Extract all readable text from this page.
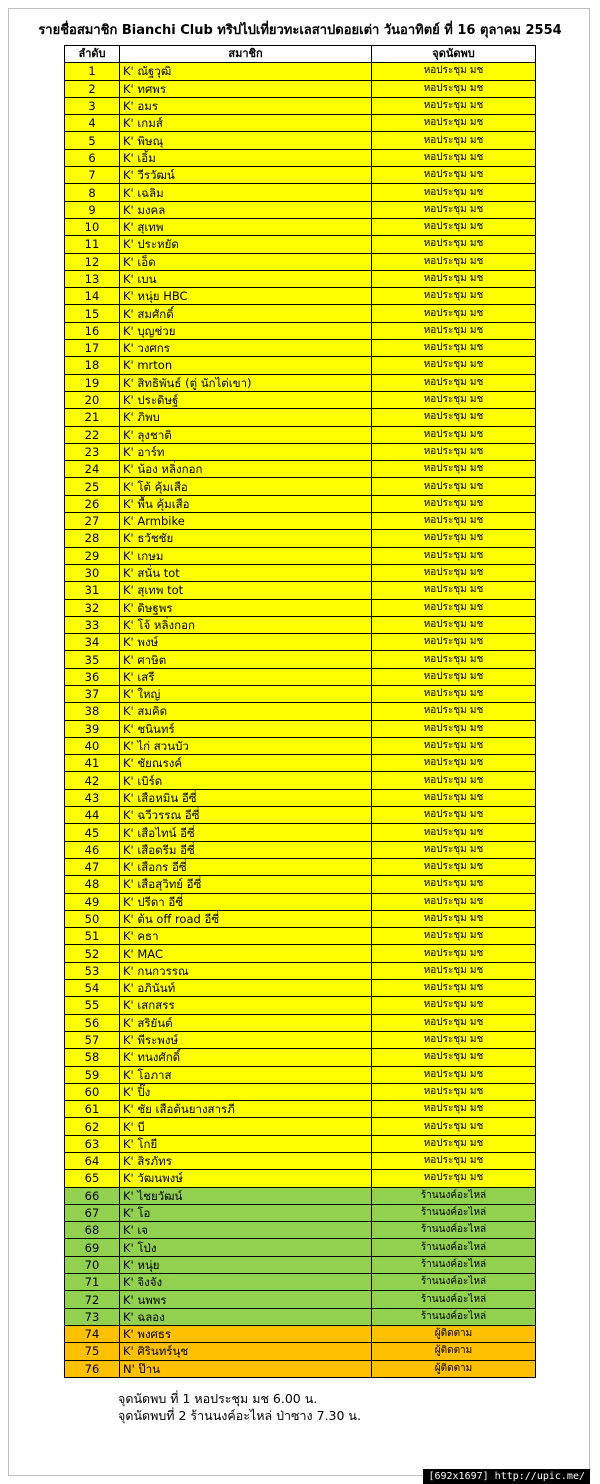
รายชื่อสมาชิก Bianchi Club ทริปไปเที่ยวทะเลสาปดอยเต่า วันอาทิตย์ ที่ 16 ตุลาคม 2554
ลำดับ	สมาชิก	จุดนัดพบ
1	K' ณัฐวุฒิ	หอประชุม มช
2	K' ทศพร	หอประชุม มช
3	K' อมร	หอประชุม มช
4	K' เกมส์	หอประชุม มช
5	K' พิษณุ	หอประชุม มช
6	K' เอิ้ม	หอประชุม มช
7	K' วีรวัฒน์	หอประชุม มช
8	K' เฉลิม	หอประชุม มช
9	K' มงคล	หอประชุม มช
10	K' สุเทพ	หอประชุม มช
11	K' ประหยัด	หอประชุม มช
12	K' เอ็ด	หอประชุม มช
13	K' เบน	หอประชุม มช
14	K' หนุ่ย HBC	หอประชุม มช
15	K' สมศักดิ์	หอประชุม มช
16	K' บุญช่วย	หอประชุม มช
17	K' วงศกร	หอประชุม มช
18	K' mrton	หอประชุม มช
19	K' สิทธิพันธ์ (ตู่ นักไต่เขา)	หอประชุม มช
20	K' ประดิษฐ์	หอประชุม มช
21	K' ภิพบ	หอประชุม มช
22	K' ลุงชาติ	หอประชุม มช
23	K' อาร์ท	หอประชุม มช
24	K' น้อง หลิ่งกอก	หอประชุม มช
25	K' โต้ คุ้มเสือ	หอประชุม มช
26	K' พื้น คุ้มเสือ	หอประชุม มช
27	K' Armbike	หอประชุม มช
28	K' ธวัชชัย	หอประชุม มช
29	K' เกษม	หอประชุม มช
30	K' สนั่น tot	หอประชุม มช
31	K' สุเทพ tot	หอประชุม มช
32	K' ดิษฐพร	หอประชุม มช
33	K' โจ้ หลิ่งกอก	หอประชุม มช
34	K' พงษ์	หอประชุม มช
35	K' ศาษิต	หอประชุม มช
36	K' เสรี	หอประชุม มช
37	K' ใหญ่	หอประชุม มช
38	K' สมคิด	หอประชุม มช
39	K' ชนินทร์	หอประชุม มช
40	K' ไก่ สวนบัว	หอประชุม มช
41	K' ชัยณรงค์	หอประชุม มช
42	K' เบิร์ด	หอประชุม มช
43	K' เสือหมิน อีซี่	หอประชุม มช
44	K' ฉวีวรรณ อีซี่	หอประชุม มช
45	K' เสือไทน์ อีซี่	หอประชุม มช
46	K' เสือดรีม อีซี่	หอประชุม มช
47	K' เสือกร อีซี่	หอประชุม มช
48	K' เสือสุวิทย์ อีซี่	หอประชุม มช
49	K' ปรีดา อีซี่	หอประชุม มช
50	K' ต้น off road อีซี่	หอประชุม มช
51	K' คธา	หอประชุม มช
52	K' MAC	หอประชุม มช
53	K' กนกวรรณ	หอประชุม มช
54	K' อภินันท์	หอประชุม มช
55	K' เสกสรร	หอประชุม มช
56	K' สริยันต์	หอประชุม มช
57	K' พีระพงษ์	หอประชุม มช
58	K' ทนงศักดิ์	หอประชุม มช
59	K' โอภาส	หอประชุม มช
60	K' ปิ๊ง	หอประชุม มช
61	K' ชัย เสือต้นยางสารภี	หอประชุม มช
62	K' บี	หอประชุม มช
63	K' โกยี	หอประชุม มช
64	K' สิรภัทร	หอประชุม มช
65	K' วัฒนพงษ์	หอประชุม มช
66	K' ไชยวัฒน์	ร้านนงค์อะไหล่
67	K' โอ	ร้านนงค์อะไหล่
68	K' เจ	ร้านนงค์อะไหล่
69	K' โป่ง	ร้านนงค์อะไหล่
70	K' หนุ่ย	ร้านนงค์อะไหล่
71	K' จิงจัง	ร้านนงค์อะไหล่
72	K' นพพร	ร้านนงค์อะไหล่
73	K' ฉลอง	ร้านนงค์อะไหล่
74	K' พงศธร	ผู้ติดตาม
75	K' ศิรินทร์นุช	ผู้ติดตาม
76	N' ป๊าน	ผู้ติดตาม
จุดนัดพบ ที่ 1 หอประชุม มช 6.00 น.
จุดนัดพบที่ 2 ร้านนงค์อะไหล่ ป่าซาง 7.30 น.
[692x1697] http://upic.me/
